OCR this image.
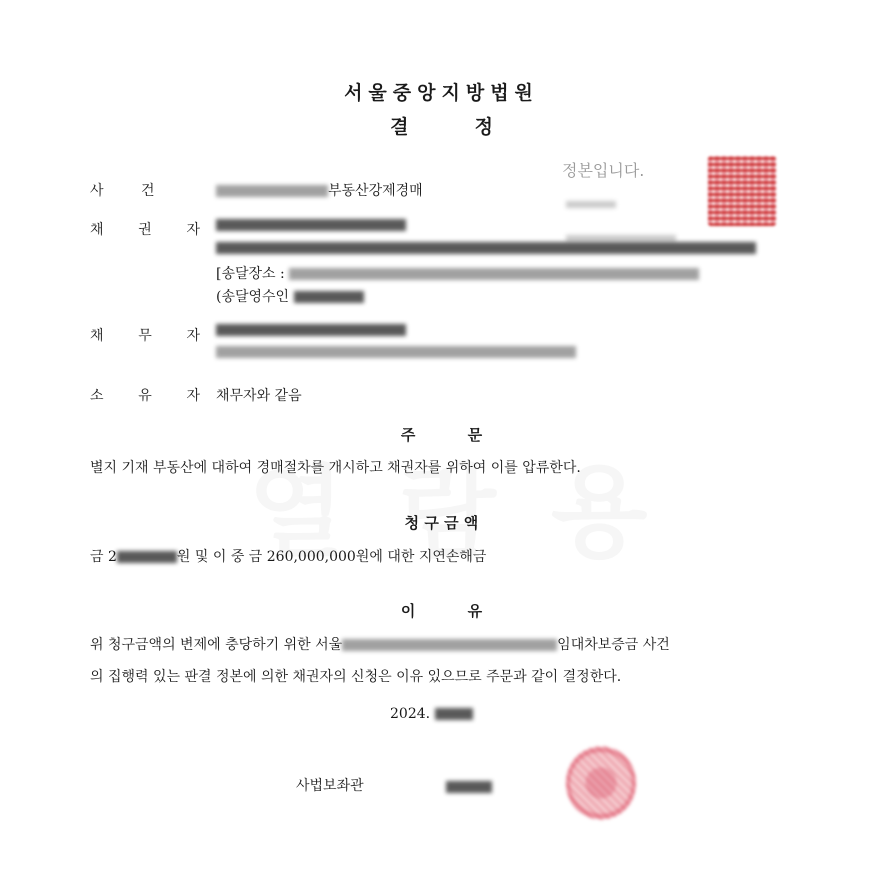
서울중앙지방법원
결          정
정본입니다.
사	건	부동산강제경매
채 권 자
[송달장소 :
(송달영수인
채 무 자
소 유 자 채무자와 같음
주          문
별지 기재 부동산에 대하여 경매절차를 개시하고 채권자를 위하여 이를 압류한다.
청 구 금 액
금 2	원 및 이 중 금 260,000,000원에 대한 지연손해금
이          유
위 청구금액의 변제에 충당하기 위한 서울	임대차보증금 사건
의 집행력 있는 판결 정본에 의한 채권자의 신청은 이유 있으므로 주문과 같이 결정한다.
2024.
사법보좌관
